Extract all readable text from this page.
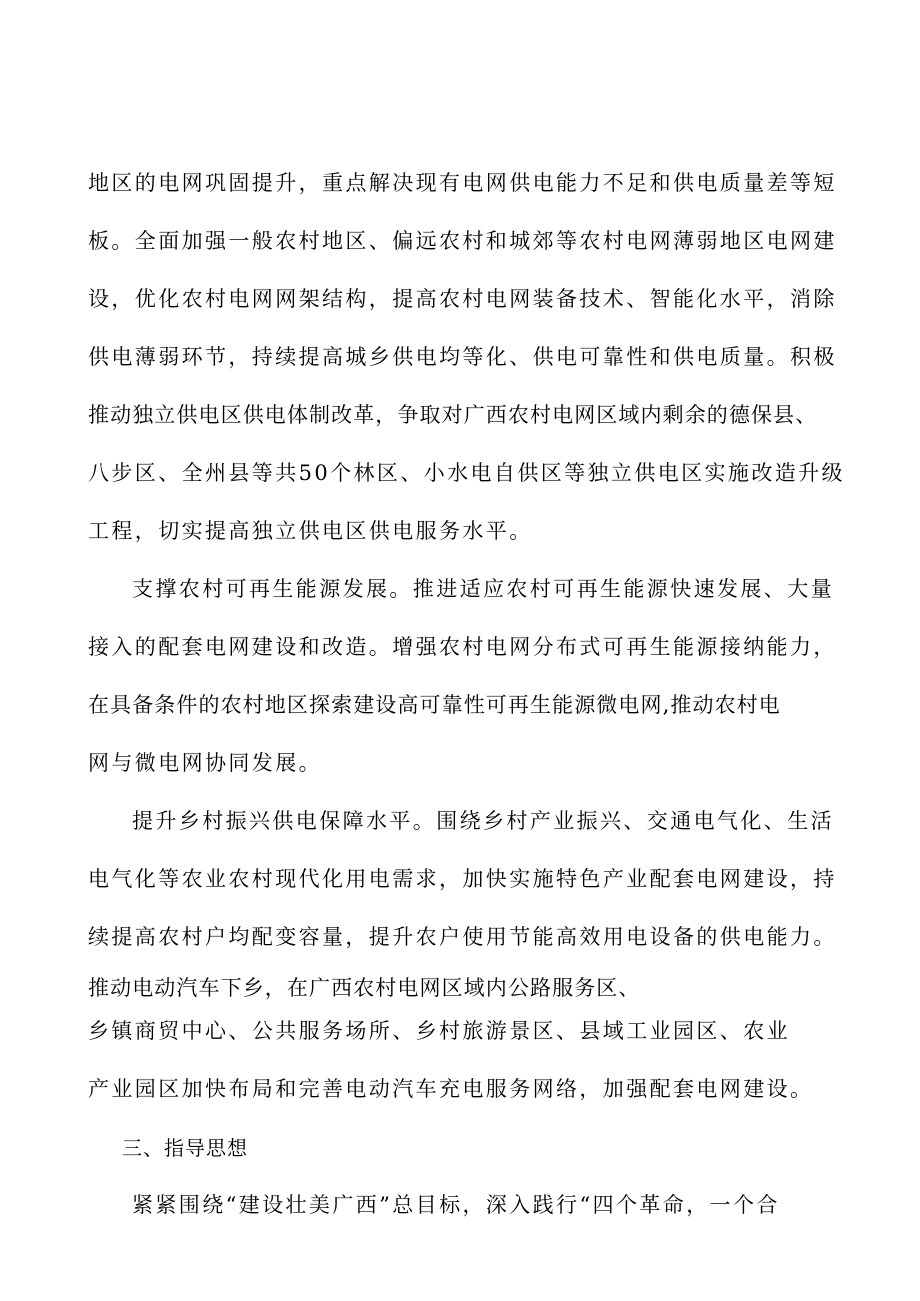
地区的电网巩固提升，重点解决现有电网供电能力不足和供电质量差等短
板。全面加强一般农村地区、偏远农村和城郊等农村电网薄弱地区电网建
设，优化农村电网网架结构，提高农村电网装备技术、智能化水平，消除
供电薄弱环节，持续提高城乡供电均等化、供电可靠性和供电质量。积极
推动独立供电区供电体制改革，争取对广西农村电网区域内剩余的德保县、
八步区、全州县等共50个林区、小水电自供区等独立供电区实施改造升级
工程，切实提高独立供电区供电服务水平。
支撑农村可再生能源发展。推进适应农村可再生能源快速发展、大量
接入的配套电网建设和改造。增强农村电网分布式可再生能源接纳能力，
在具备条件的农村地区探索建设高可靠性可再生能源微电网,推动农村电
网与微电网协同发展。
提升乡村振兴供电保障水平。围绕乡村产业振兴、交通电气化、生活
电气化等农业农村现代化用电需求，加快实施特色产业配套电网建设，持
续提高农村户均配变容量，提升农户使用节能高效用电设备的供电能力。
推动电动汽车下乡，在广西农村电网区域内公路服务区、
乡镇商贸中心、公共服务场所、乡村旅游景区、县域工业园区、农业
产业园区加快布局和完善电动汽车充电服务网络，加强配套电网建设。
三、指导思想
紧紧围绕“建设壮美广西”总目标，深入践行“四个革命，一个合
